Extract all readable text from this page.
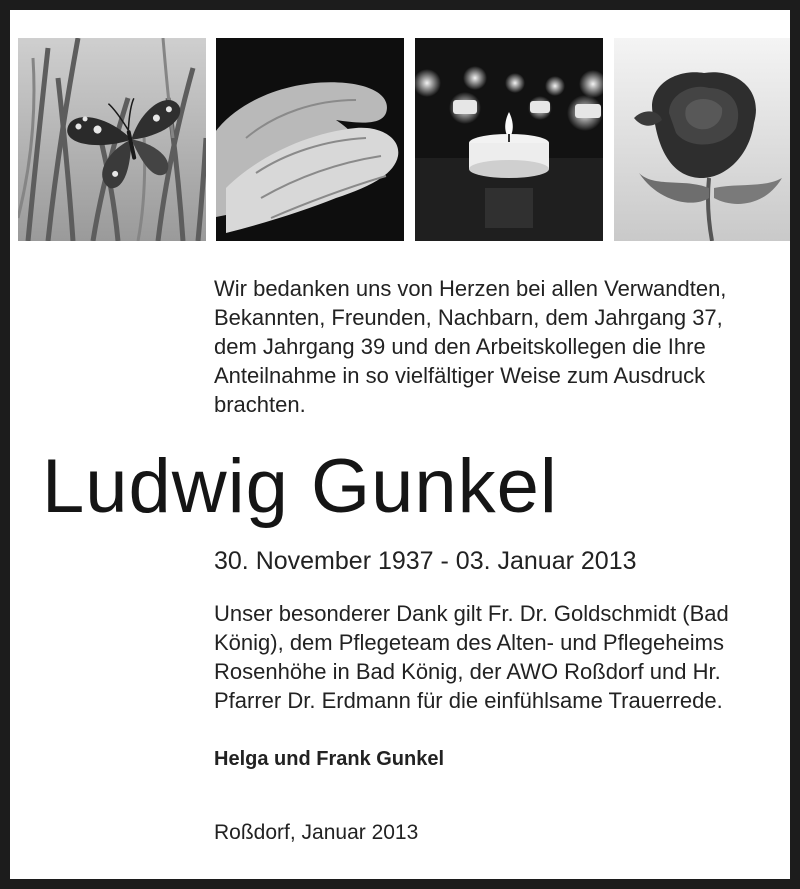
Wir bedanken uns von Herzen bei allen Verwandten,
Bekannten, Freunden, Nachbarn, dem Jahrgang 37,
dem Jahrgang 39 und den Arbeitskollegen die Ihre
Anteilnahme in so vielfältiger Weise zum Ausdruck
brachten.

Ludwig Gunkel

30. November 1937 - 03. Januar 2013

Unser besonderer Dank gilt Fr. Dr. Goldschmidt (Bad
König), dem Pflegeteam des Alten- und Pflegeheims
Rosenhöhe in Bad König, der AWO Roßdorf und Hr.
Pfarrer Dr. Erdmann für die einfühlsame Trauerrede.

Helga und Frank Gunkel

Roßdorf, Januar 2013
